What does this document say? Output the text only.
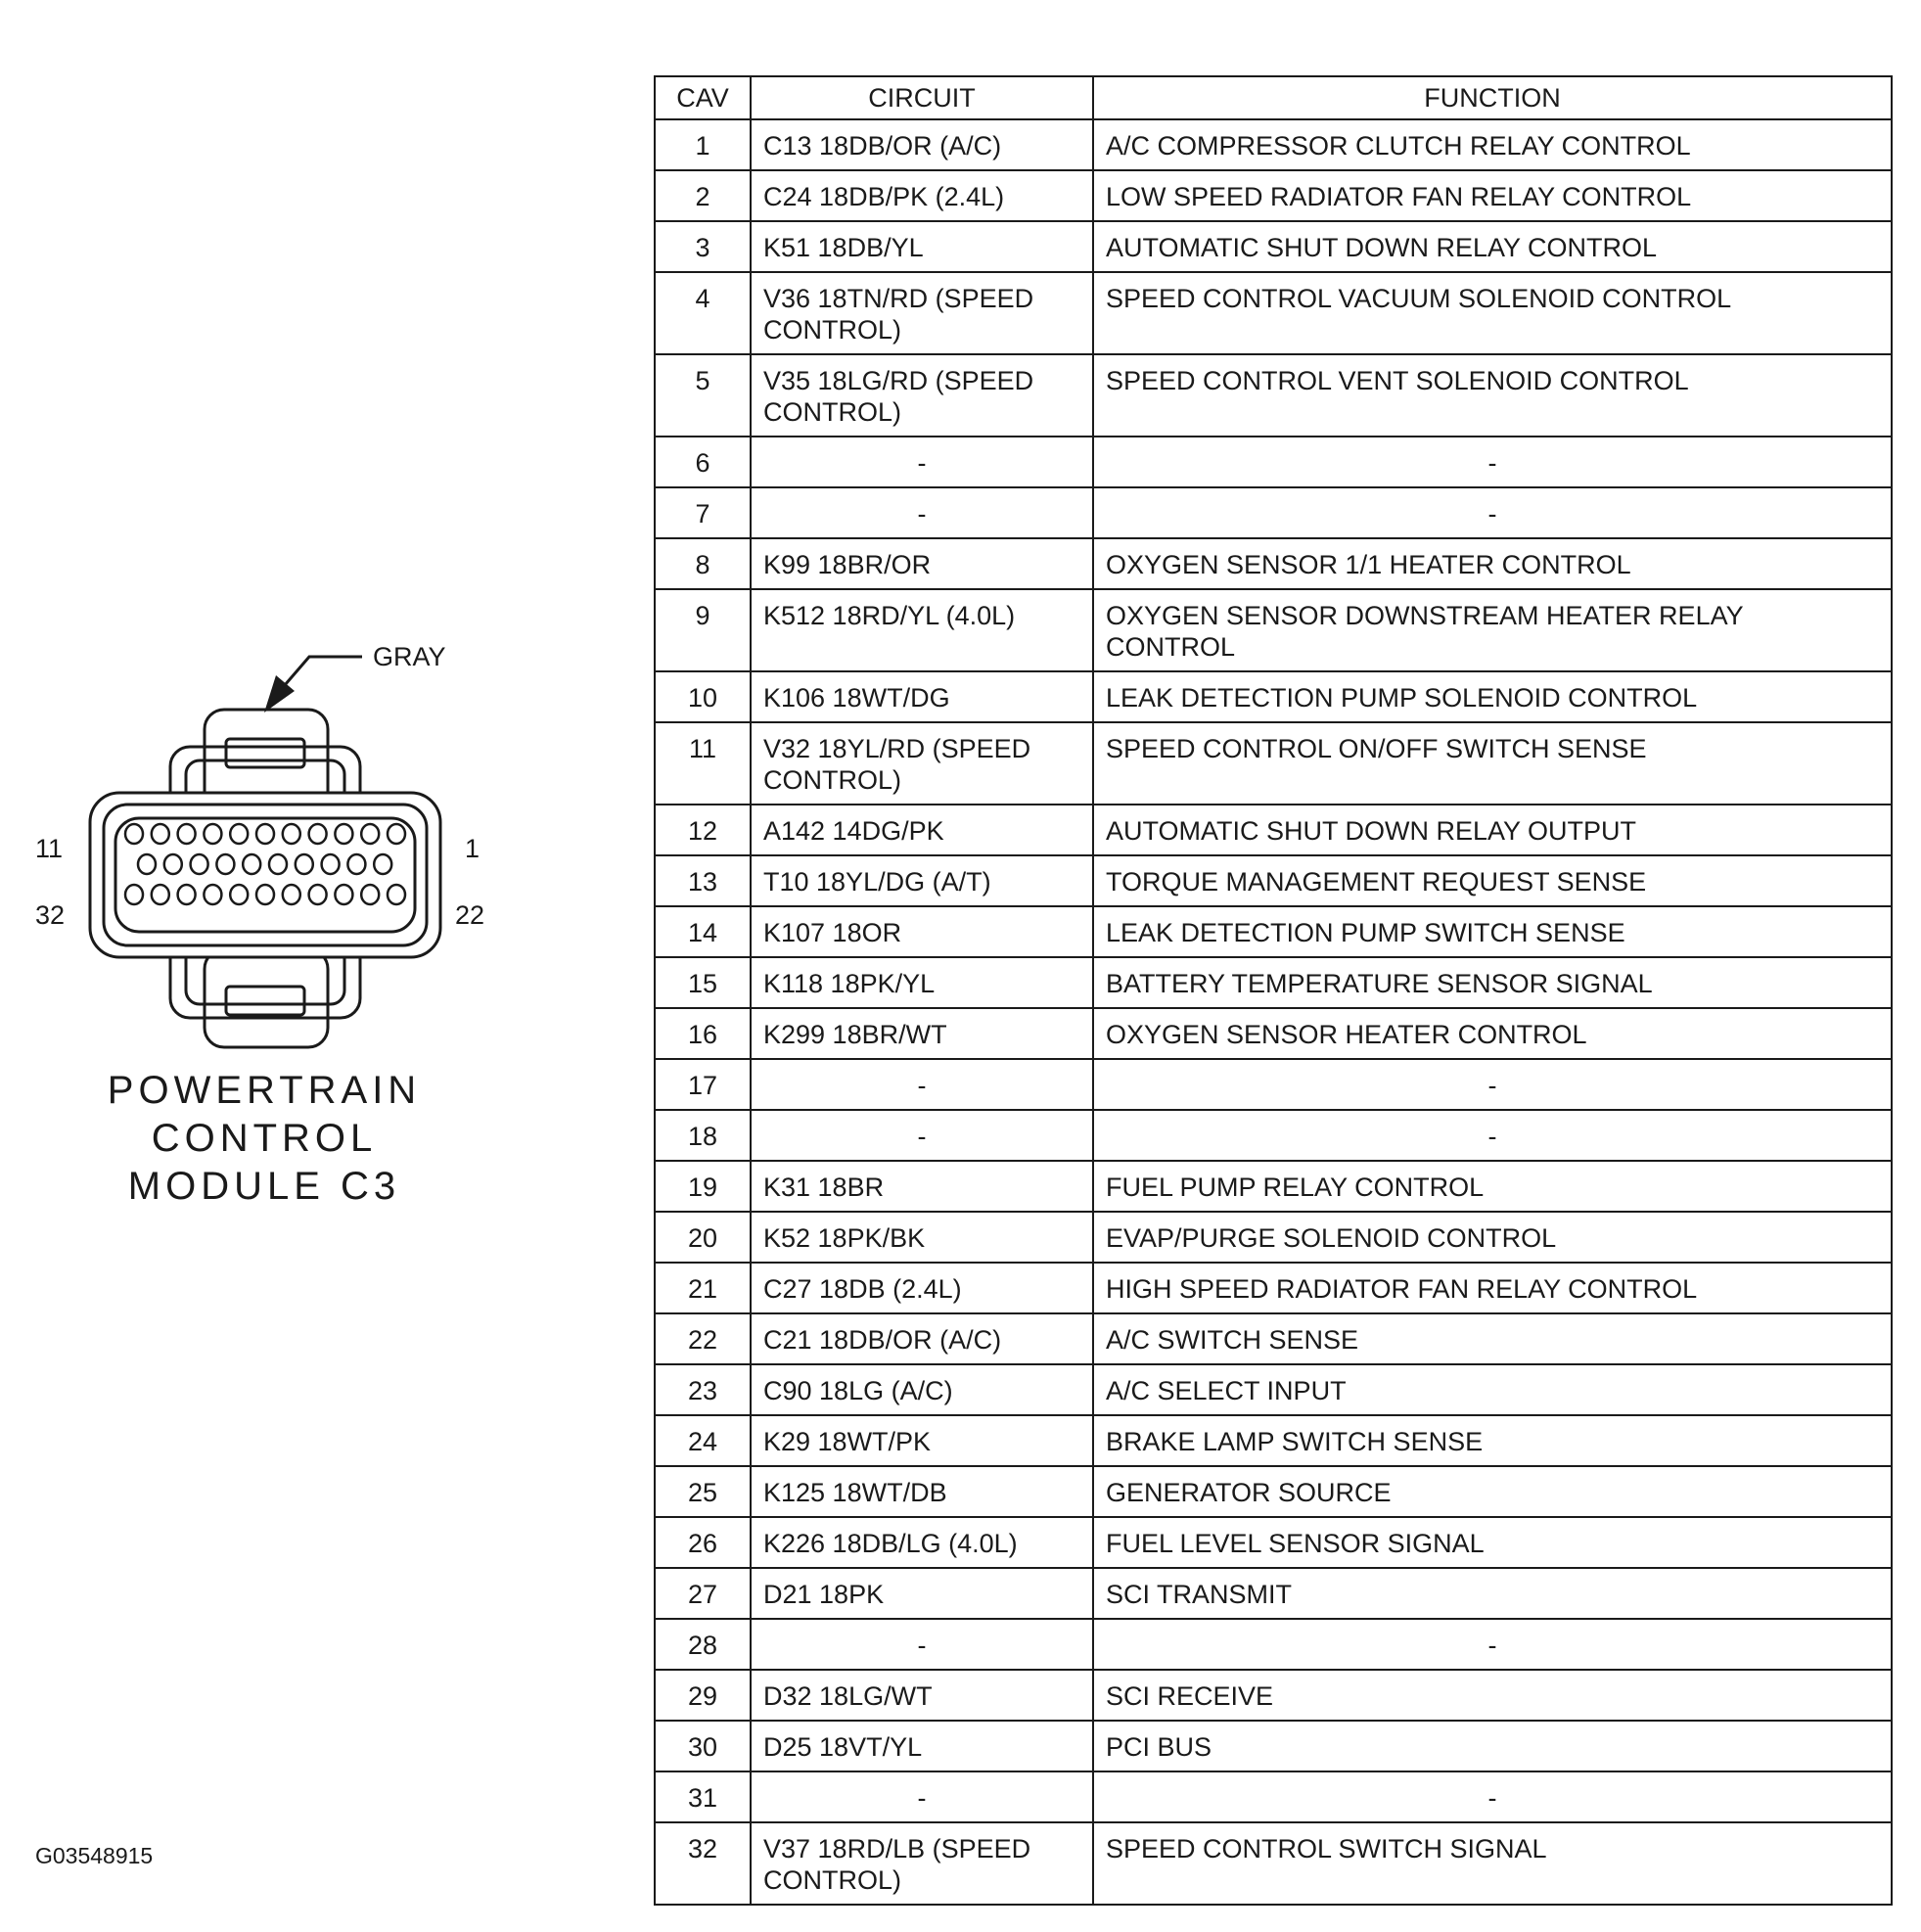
GRAY
11	1
32	22
POWERTRAIN
CONTROL
MODULE C3
CAV	CIRCUIT	FUNCTION
1	C13 18DB/OR (A/C)	A/C COMPRESSOR CLUTCH RELAY CONTROL
2	C24 18DB/PK (2.4L)	LOW SPEED RADIATOR FAN RELAY CONTROL
3	K51 18DB/YL	AUTOMATIC SHUT DOWN RELAY CONTROL
4	V36 18TN/RD (SPEED CONTROL)	SPEED CONTROL VACUUM SOLENOID CONTROL
5	V35 18LG/RD (SPEED CONTROL)	SPEED CONTROL VENT SOLENOID CONTROL
6	-	-
7	-	-
8	K99 18BR/OR	OXYGEN SENSOR 1/1 HEATER CONTROL
9	K512 18RD/YL (4.0L)	OXYGEN SENSOR DOWNSTREAM HEATER RELAY CONTROL
10	K106 18WT/DG	LEAK DETECTION PUMP SOLENOID CONTROL
11	V32 18YL/RD (SPEED CONTROL)	SPEED CONTROL ON/OFF SWITCH SENSE
12	A142 14DG/PK	AUTOMATIC SHUT DOWN RELAY OUTPUT
13	T10 18YL/DG (A/T)	TORQUE MANAGEMENT REQUEST SENSE
14	K107 18OR	LEAK DETECTION PUMP SWITCH SENSE
15	K118 18PK/YL	BATTERY TEMPERATURE SENSOR SIGNAL
16	K299 18BR/WT	OXYGEN SENSOR HEATER CONTROL
17	-	-
18	-	-
19	K31 18BR	FUEL PUMP RELAY CONTROL
20	K52 18PK/BK	EVAP/PURGE SOLENOID CONTROL
21	C27 18DB (2.4L)	HIGH SPEED RADIATOR FAN RELAY CONTROL
22	C21 18DB/OR (A/C)	A/C SWITCH SENSE
23	C90 18LG (A/C)	A/C SELECT INPUT
24	K29 18WT/PK	BRAKE LAMP SWITCH SENSE
25	K125 18WT/DB	GENERATOR SOURCE
26	K226 18DB/LG (4.0L)	FUEL LEVEL SENSOR SIGNAL
27	D21 18PK	SCI TRANSMIT
28	-	-
29	D32 18LG/WT	SCI RECEIVE
30	D25 18VT/YL	PCI BUS
31	-	-
32	V37 18RD/LB (SPEED CONTROL)	SPEED CONTROL SWITCH SIGNAL
G03548915
